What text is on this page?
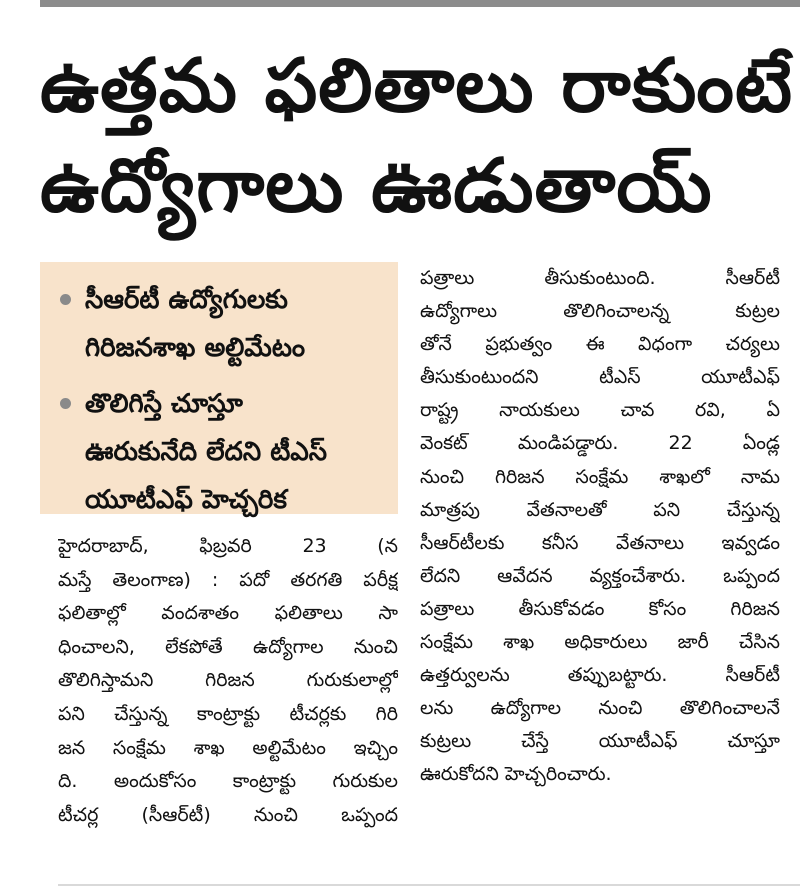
ఉత్తమ ఫలితాలు రాకుంటే
ఉద్యోగాలు ఊడుతాయ్
సీఆర్‌టీ ఉద్యోగులకు
గిరిజనశాఖ అల్టిమేటం
తొలిగిస్తే చూస్తూ
ఊరుకునేది లేదని టీఎస్
యూటీఎఫ్ హెచ్చరిక
హైదరాబాద్, ఫిబ్రవరి 23 (న
మస్తే తెలంగాణ) : పదో తరగతి పరీక్ష
ఫలితాల్లో వందశాతం ఫలితాలు సా
ధించాలని, లేకపోతే ఉద్యోగాల నుంచి
తొలిగిస్తామని గిరిజన గురుకులాల్లో
పని చేస్తున్న కాంట్రాక్టు టీచర్లకు గిరి
జన సంక్షేమ శాఖ అల్టిమేటం ఇచ్చిం
ది. అందుకోసం కాంట్రాక్టు గురుకుల
టీచర్ల (సీఆర్‌టీ) నుంచి ఒప్పంద
పత్రాలు తీసుకుంటుంది. సీఆర్‌టీ
ఉద్యోగాలు తొలిగించాలన్న కుట్రల
తోనే ప్రభుత్వం ఈ విధంగా చర్యలు
తీసుకుంటుందని టీఎస్ యూటీఎఫ్
రాష్ట్ర నాయకులు చావ రవి, ఏ
వెంకట్ మండిపడ్డారు. 22 ఏండ్ల
నుంచి గిరిజన సంక్షేమ శాఖలో నామ
మాత్రపు వేతనాలతో పని చేస్తున్న
సీఆర్‌టీలకు కనీస వేతనాలు ఇవ్వడం
లేదని ఆవేదన వ్యక్తంచేశారు. ఒప్పంద
పత్రాలు తీసుకోవడం కోసం గిరిజన
సంక్షేమ శాఖ అధికారులు జారీ చేసిన
ఉత్తర్వులను తప్పుబట్టారు. సీఆర్‌టీ
లను ఉద్యోగాల నుంచి తొలిగించాలనే
కుట్రలు చేస్తే యూటీఎఫ్ చూస్తూ
ఊరుకోదని హెచ్చరించారు.
